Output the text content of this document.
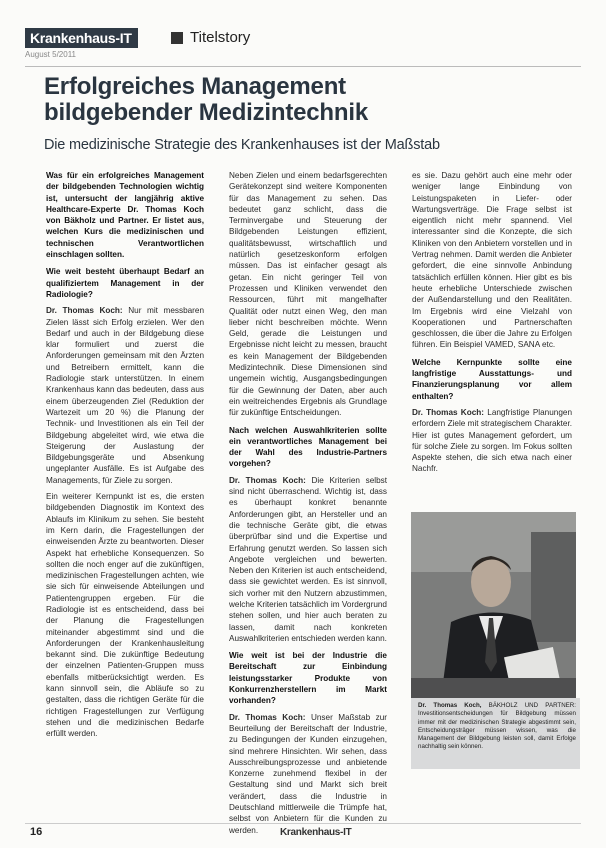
Krankenhaus-IT
August 5/2011
Titelstory
Erfolgreiches Management
bildgebender Medizintechnik
Die medizinische Strategie des Krankenhauses ist der Maßstab

Was für ein erfolgreiches Management der bildgebenden Technologien wichtig ist, untersucht der langjährig aktive Healthcare-Experte Dr. Thomas Koch von Bäkholz und Partner. Er listet aus, welchen Kurs die medizinischen und technischen Verantwortlichen einschlagen sollten.

Wie weit besteht überhaupt Bedarf an qualifiziertem Management in der Radiologie?

Dr. Thomas Koch: Nur mit messbaren Zielen lässt sich Erfolg erzielen. Wer den Bedarf und auch in der Bildgebung diese klar formuliert und zuerst die Anforderungen gemeinsam mit den Ärzten und Betreibern ermittelt, kann die Radiologie stark unterstützen. In einem Krankenhaus kann das bedeuten, dass aus einem überzeugenden Ziel (Reduktion der Wartezeit um 20 %) die Planung der Technik- und Investitionen als ein Teil der Bildgebung abgeleitet wird, wie etwa die Steigerung der Auslastung der Bildgebungsgeräte und Absenkung ungeplanter Ausfälle. Es ist Aufgabe des Managements, für Ziele zu sorgen.

Ein weiterer Kernpunkt ist es, die ersten bildgebenden Diagnostik im Kontext des Ablaufs im Klinikum zu sehen. Sie besteht im Kern darin, die Fragestellungen der einweisenden Ärzte zu beantworten. Dieser Aspekt hat erhebliche Konsequenzen. So sollten die noch enger auf die zukünftigen, medizinischen Fragestellungen achten, wie sie sich für einweisende Abteilungen und Patientengruppen ergeben. Für die Radiologie ist es entscheidend, dass bei der Planung die Fragestellungen miteinander abgestimmt sind und die Anforderungen der Krankenhausleitung bekannt sind. Die zukünftige Bedeutung der einzelnen Patienten-Gruppen muss ebenfalls mitberücksichtigt werden. Es kann sinnvoll sein, die Abläufe so zu gestalten, dass die richtigen Geräte für die richtigen Fragestellungen zur Verfügung stehen und die medizinischen Bedarfe erfüllt werden.

Neben Zielen und einem bedarfsgerechten Gerätekonzept sind weitere Komponenten für das Management zu sehen. Das bedeutet ganz schlicht, dass die Terminvergabe und Steuerung der Bildgebenden Leistungen effizient, qualitätsbewusst, wirtschaftlich und natürlich gesetzeskonform erfolgen müssen. Das ist einfacher gesagt als getan. Ein nicht geringer Teil von Prozessen und Kliniken verwendet den Ressourcen, führt mit mangelhafter Qualität oder nutzt einen Weg, den man lieber nicht beschreiben möchte. Wenn Geld, gerade die Leistungen und Ergebnisse nicht leicht zu messen, braucht es kein Management der Bildgebenden Medizintechnik. Diese Dimensionen sind ungemein wichtig, Ausgangsbedingungen für die Gewinnung der Daten, aber auch ein weitreichendes Ergebnis als Grundlage für zukünftige Entscheidungen.

Nach welchen Auswahlkriterien sollte ein verantwortliches Management bei der Wahl des Industrie-Partners vorgehen?

Dr. Thomas Koch: Die Kriterien selbst sind nicht überraschend. Wichtig ist, dass es überhaupt konkret benannte Anforderungen gibt, an Hersteller und an die technische Geräte gibt, die etwas überprüfbar sind und die Expertise und Erfahrung genutzt werden. So lassen sich Angebote vergleichen und bewerten. Neben den Kriterien ist auch entscheidend, dass sie gewichtet werden. Es ist sinnvoll, sich vorher mit den Nutzern abzustimmen, welche Kriterien tatsächlich im Vordergrund stehen sollen, und hier auch beraten zu lassen, damit nach konkreten Auswahlkriterien entschieden werden kann.

Wie weit ist bei der Industrie die Bereitschaft zur Einbindung leistungsstarker Produkte von Konkurrenzherstellern im Markt vorhanden?

Dr. Thomas Koch: Unser Maßstab zur Beurteilung der Bereitschaft der Industrie, zu Bedingungen der Kunden einzugehen, sind mehrere Hinsichten. Wir sehen, dass Ausschreibungsprozesse und anbietende Konzerne zunehmend flexibel in der Gestaltung sind und Markt sich breit verändert, dass die Industrie in Deutschland mittlerweile die Trümpfe hat, selbst von Anbietern für die Kunden zu werden.

es sie. Dazu gehört auch eine mehr oder weniger lange Einbindung von Leistungspaketen in Liefer- oder Wartungsverträge. Die Frage selbst ist eigentlich nicht mehr spannend. Viel interessanter sind die Konzepte, die sich Kliniken von den Anbietern vorstellen und in Vertrag nehmen. Damit werden die Anbieter gefordert, die eine sinnvolle Anbindung tatsächlich erfüllen können. Hier gibt es bis heute erhebliche Unterschiede zwischen der Außendarstellung und den Realitäten. Im Ergebnis wird eine Vielzahl von Kooperationen und Partnerschaften geschlossen, die über die Jahre zu Erfolgen führen. Ein Beispiel VAMED, SANA etc.

Welche Kernpunkte sollte eine langfristige Ausstattungs- und Finanzierungsplanung vor allem enthalten?

Dr. Thomas Koch: Langfristige Planungen erfordern Ziele mit strategischem Charakter. Hier ist gutes Management gefordert, um für solche Ziele zu sorgen. Im Fokus sollten Aspekte stehen, die sich etwa nach einer Nachfr.

Dr. Thomas Koch, BÄKHOLZ UND PARTNER: Investitionsentscheidungen für Bildgebung müssen immer mit der medizinischen Strategie abgestimmt sein, Entscheidungsträger müssen wissen, was die Management der Bildgebung leisten soll, damit Erfolge nachhaltig sein können.
16	Krankenhaus-IT
